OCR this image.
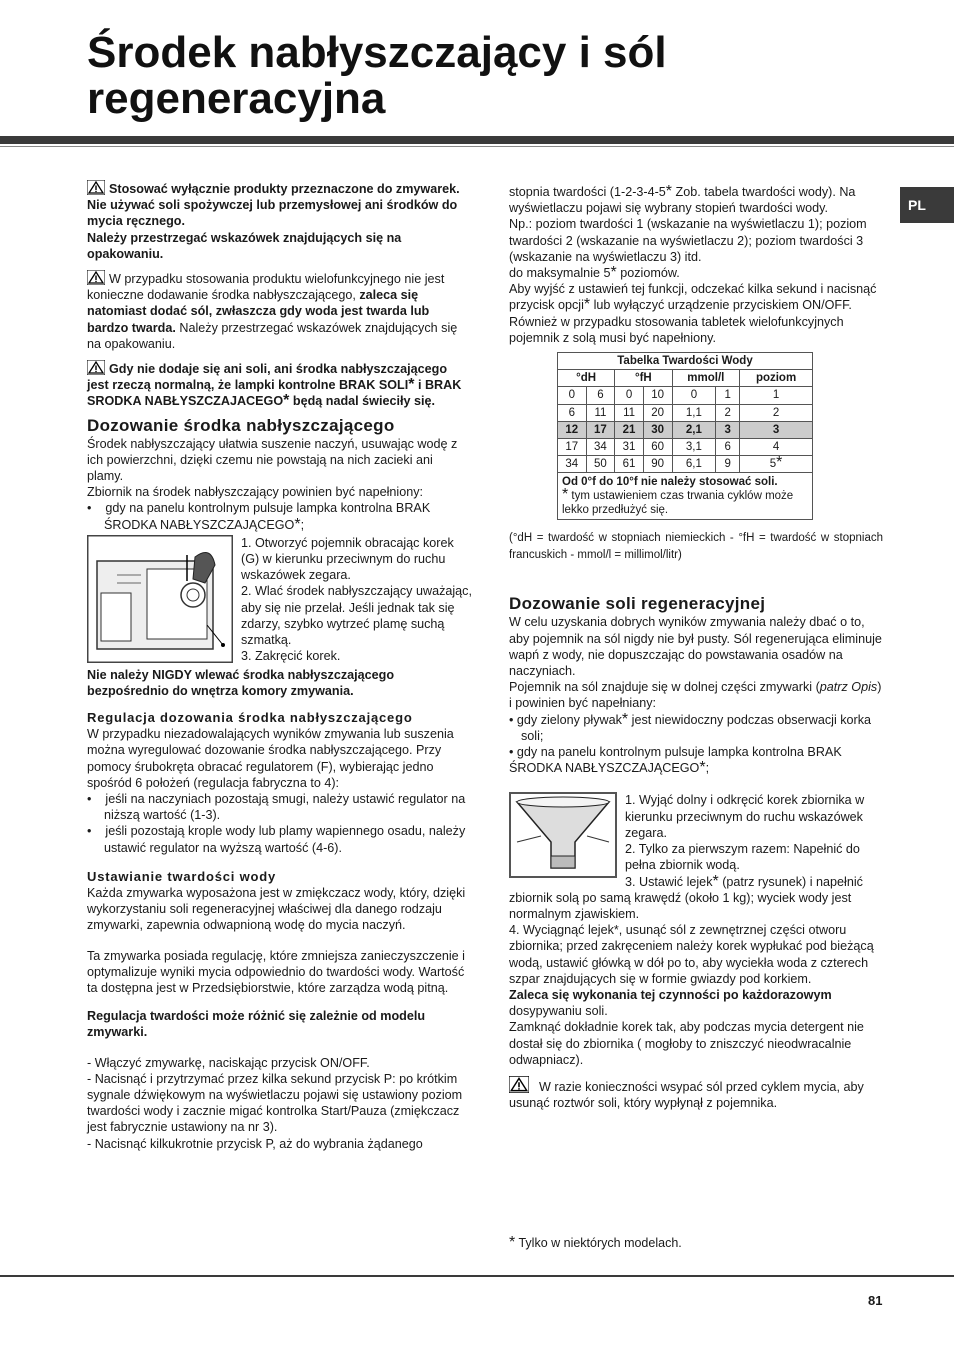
Środek nabłyszczający i sól regeneracyjna
PL

Stosować wyłącznie produkty przeznaczone do zmywarek.
Nie używać soli spożywczej lub przemysłowej ani środków do mycia ręcznego.
Należy przestrzegać wskazówek znajdujących się na opakowaniu.

W przypadku stosowania produktu wielofunkcyjnego nie jest konieczne dodawanie środka nabłyszczającego, zaleca się natomiast dodać sól, zwłaszcza gdy woda jest twarda lub bardzo twarda. Należy przestrzegać wskazówek znajdujących się na opakowaniu.

Gdy nie dodaje się ani soli, ani środka nabłyszczającego jest rzeczą normalną, że lampki kontrolne BRAK SOLI* i BRAK SRODKA NABŁYSZCZAJACEGO* będą nadal świeciły się.

Dozowanie środka nabłyszczającego

Środek nabłyszczający ułatwia suszenie naczyń, usuwając wodę z ich powierzchni, dzięki czemu nie powstają na nich zacieki ani plamy.

Zbiornik na środek nabłyszczający powinien być napełniony:

•    gdy na panelu kontrolnym pulsuje lampka kontrolna BRAK ŚRODKA NABŁYSZCZAJĄCEGO*;

1. Otworzyć pojemnik obracając korek (G) w kierunku przeciwnym do ruchu wskazówek zegara.

2. Wlać środek nabłyszczający uważając, aby się nie przelał. Jeśli jednak tak się zdarzy, szybko wytrzeć plamę suchą szmatką.

3. Zakręcić korek.

Nie należy NIGDY wlewać środka nabłyszczającego bezpośrednio do wnętrza komory zmywania.

Regulacja dozowania środka nabłyszczającego

W przypadku niezadowalających wyników zmywania lub suszenia można wyregulować dozowanie środka nabłyszczającego. Przy pomocy śrubokręta obracać regulatorem (F), wybierając jedno spośród 6 położeń (regulacja fabryczna to 4):

•    jeśli na naczyniach pozostają smugi, należy ustawić regulator na niższą wartość (1-3).

•    jeśli pozostają krople wody lub plamy wapiennego osadu, należy ustawić regulator na wyższą wartość (4-6).

Ustawianie twardości wody

Każda zmywarka wyposażona jest w zmiękczacz wody, który, dzięki wykorzystaniu soli regeneracyjnej właściwej dla danego rodzaju zmywarki, zapewnia odwapnioną wodę do mycia naczyń.

Ta zmywarka posiada regulację, które zmniejsza zanieczyszczenie i optymalizuje wyniki mycia odpowiednio do twardości wody. Wartość ta dostępna jest w Przedsiębiorstwie, które zarządza wodą pitną.

Regulacja twardości może różnić się zależnie od modelu zmywarki.

- Włączyć zmywarkę, naciskając przycisk ON/OFF.

- Nacisnąć i przytrzymać przez kilka sekund przycisk P: po krótkim sygnale dźwiękowym na wyświetlaczu pojawi się ustawiony poziom twardości wody i zacznie migać kontrolka Start/Pauza (zmiękczacz jest fabrycznie ustawiony na nr 3).

- Nacisnąć kilkukrotnie przycisk P, aż do wybrania żądanego

stopnia twardości (1-2-3-4-5* Zob. tabela twardości wody). Na wyświetlaczu pojawi się wybrany stopień twardości wody.

Np.: poziom twardości 1 (wskazanie na wyświetlaczu 1); poziom twardości 2 (wskazanie na wyświetlaczu 2); poziom twardości 3 (wskazanie na wyświetlaczu 3) itd.

do maksymalnie 5* poziomów.

Aby wyjść z ustawień tej funkcji, odczekać kilka sekund i nacisnąć przycisk opcji* lub wyłączyć urządzenie przyciskiem ON/OFF.

Również w przypadku stosowania tabletek wielofunkcyjnych pojemnik z solą musi być napełniony.

Tabelka Twardości Wody						
°dH		°fH		mmol/l		poziom
0	6	0	10	0	1	1
6	11	11	20	1,1	2	2
12	17	21	30	2,1	3	3
17	34	31	60	3,1	6	4
34	50	61	90	6,1	9	5*
Od 0°f do 10°f nie należy stosować soli.
* tym ustawieniem czas trwania cyklów może lekko przedłużyć się.						

(°dH = twardość w stopniach niemieckich - °fH = twardość w stopniach francuskich - mmol/l = millimol/litr)

Dozowanie soli regeneracyjnej

W celu uzyskania dobrych wyników zmywania należy dbać o to, aby pojemnik na sól nigdy nie był pusty. Sól regenerująca eliminuje wapń z wody, nie dopuszczając do powstawania osadów na naczyniach.

Pojemnik na sól znajduje się w dolnej części zmywarki (patrz Opis) i powinien być napełniany:

• gdy zielony pływak* jest niewidoczny podczas obserwacji korka soli;

• gdy na panelu kontrolnym pulsuje lampka kontrolna BRAK ŚRODKA NABŁYSZCZAJĄCEGO*;

1. Wyjąć dolny i odkręcić korek zbiornika w kierunku przeciwnym do ruchu wskazówek zegara.

2. Tylko za pierwszym razem: Napełnić do pełna zbiornik wodą.

3. Ustawić lejek* (patrz rysunek) i napełnić zbiornik solą po samą krawędź (około 1 kg); wyciek wody jest normalnym zjawiskiem.

4. Wyciągnąć lejek*, usunąć sól z zewnętrznej części otworu zbiornika; przed zakręceniem należy korek wypłukać pod bieżącą wodą, ustawić główką w dół po to, aby wyciekła woda z czterech szpar znajdujących się w formie gwiazdy pod korkiem.

Zaleca się wykonania tej czynności po każdorazowym dosypywaniu soli.

Zamknąć dokładnie korek tak, aby podczas mycia detergent nie dostał się do zbiornika ( mogłoby to zniszczyć nieodwracalnie odwapniacz).

W razie konieczności wsypać sól przed cyklem mycia, aby usunąć roztwór soli, który wypłynął z pojemnika.

* Tylko w niektórych modelach.
81
